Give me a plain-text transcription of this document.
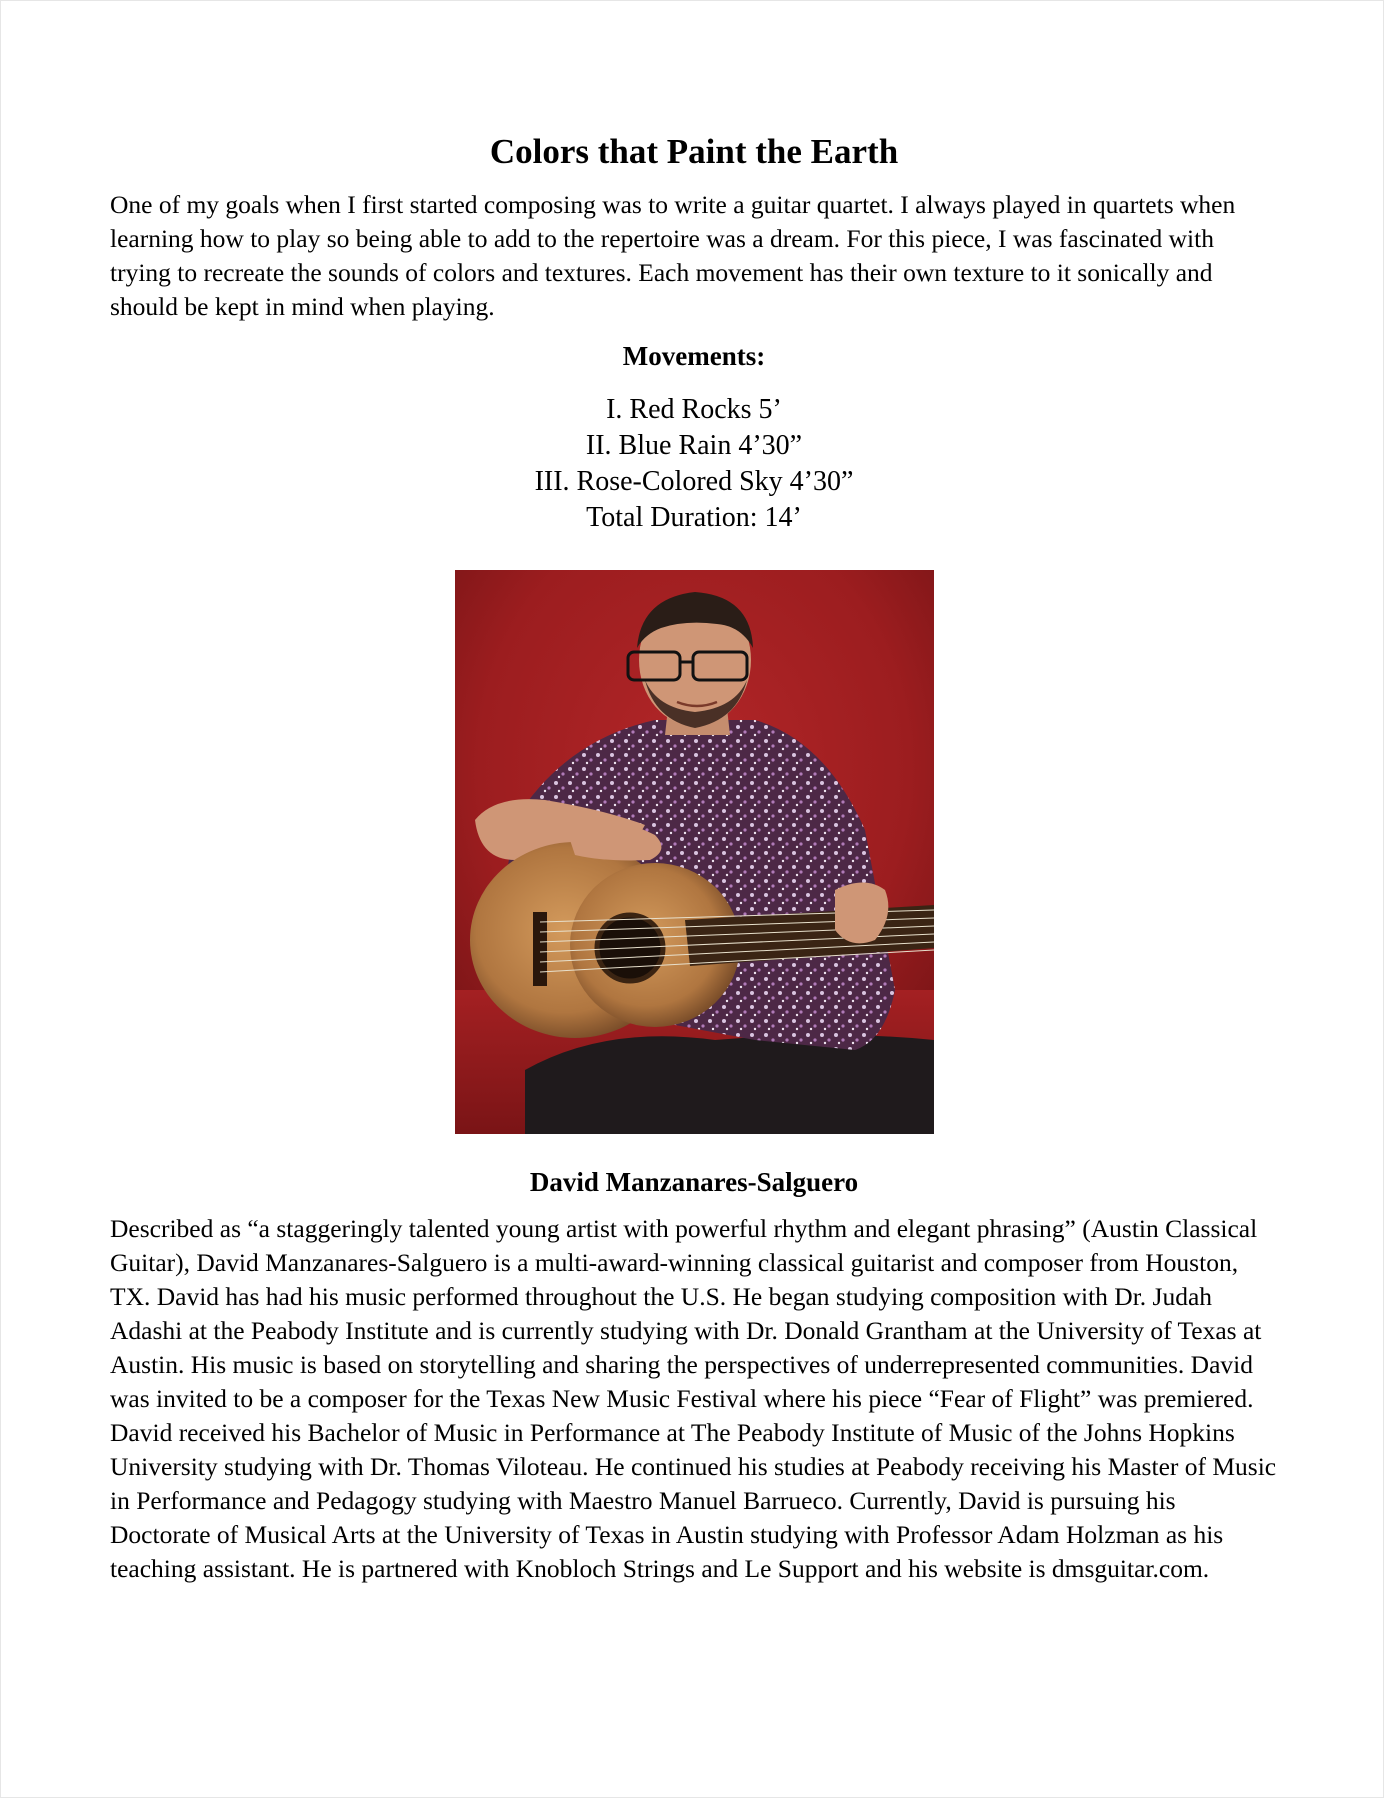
Colors that Paint the Earth

One of my goals when I first started composing was to write a guitar quartet. I always played in quartets when learning how to play so being able to add to the repertoire was a dream. For this piece, I was fascinated with trying to recreate the sounds of colors and textures. Each movement has their own texture to it sonically and should be kept in mind when playing.

Movements:
I. Red Rocks 5’
II. Blue Rain 4’30”
III. Rose-Colored Sky 4’30”
Total Duration: 14’
David Manzanares-Salguero

Described as “a staggeringly talented young artist with powerful rhythm and elegant phrasing” (Austin Classical Guitar), David Manzanares-Salguero is a multi-award-winning classical guitarist and composer from Houston, TX. David has had his music performed throughout the U.S. He began studying composition with Dr. Judah Adashi at the Peabody Institute and is currently studying with Dr. Donald Grantham at the University of Texas at Austin. His music is based on storytelling and sharing the perspectives of underrepresented communities. David was invited to be a composer for the Texas New Music Festival where his piece “Fear of Flight” was premiered. David received his Bachelor of Music in Performance at The Peabody Institute of Music of the Johns Hopkins University studying with Dr. Thomas Viloteau. He continued his studies at Peabody receiving his Master of Music in Performance and Pedagogy studying with Maestro Manuel Barrueco. Currently, David is pursuing his Doctorate of Musical Arts at the University of Texas in Austin studying with Professor Adam Holzman as his teaching assistant. He is partnered with Knobloch Strings and Le Support and his website is dmsguitar.com.
